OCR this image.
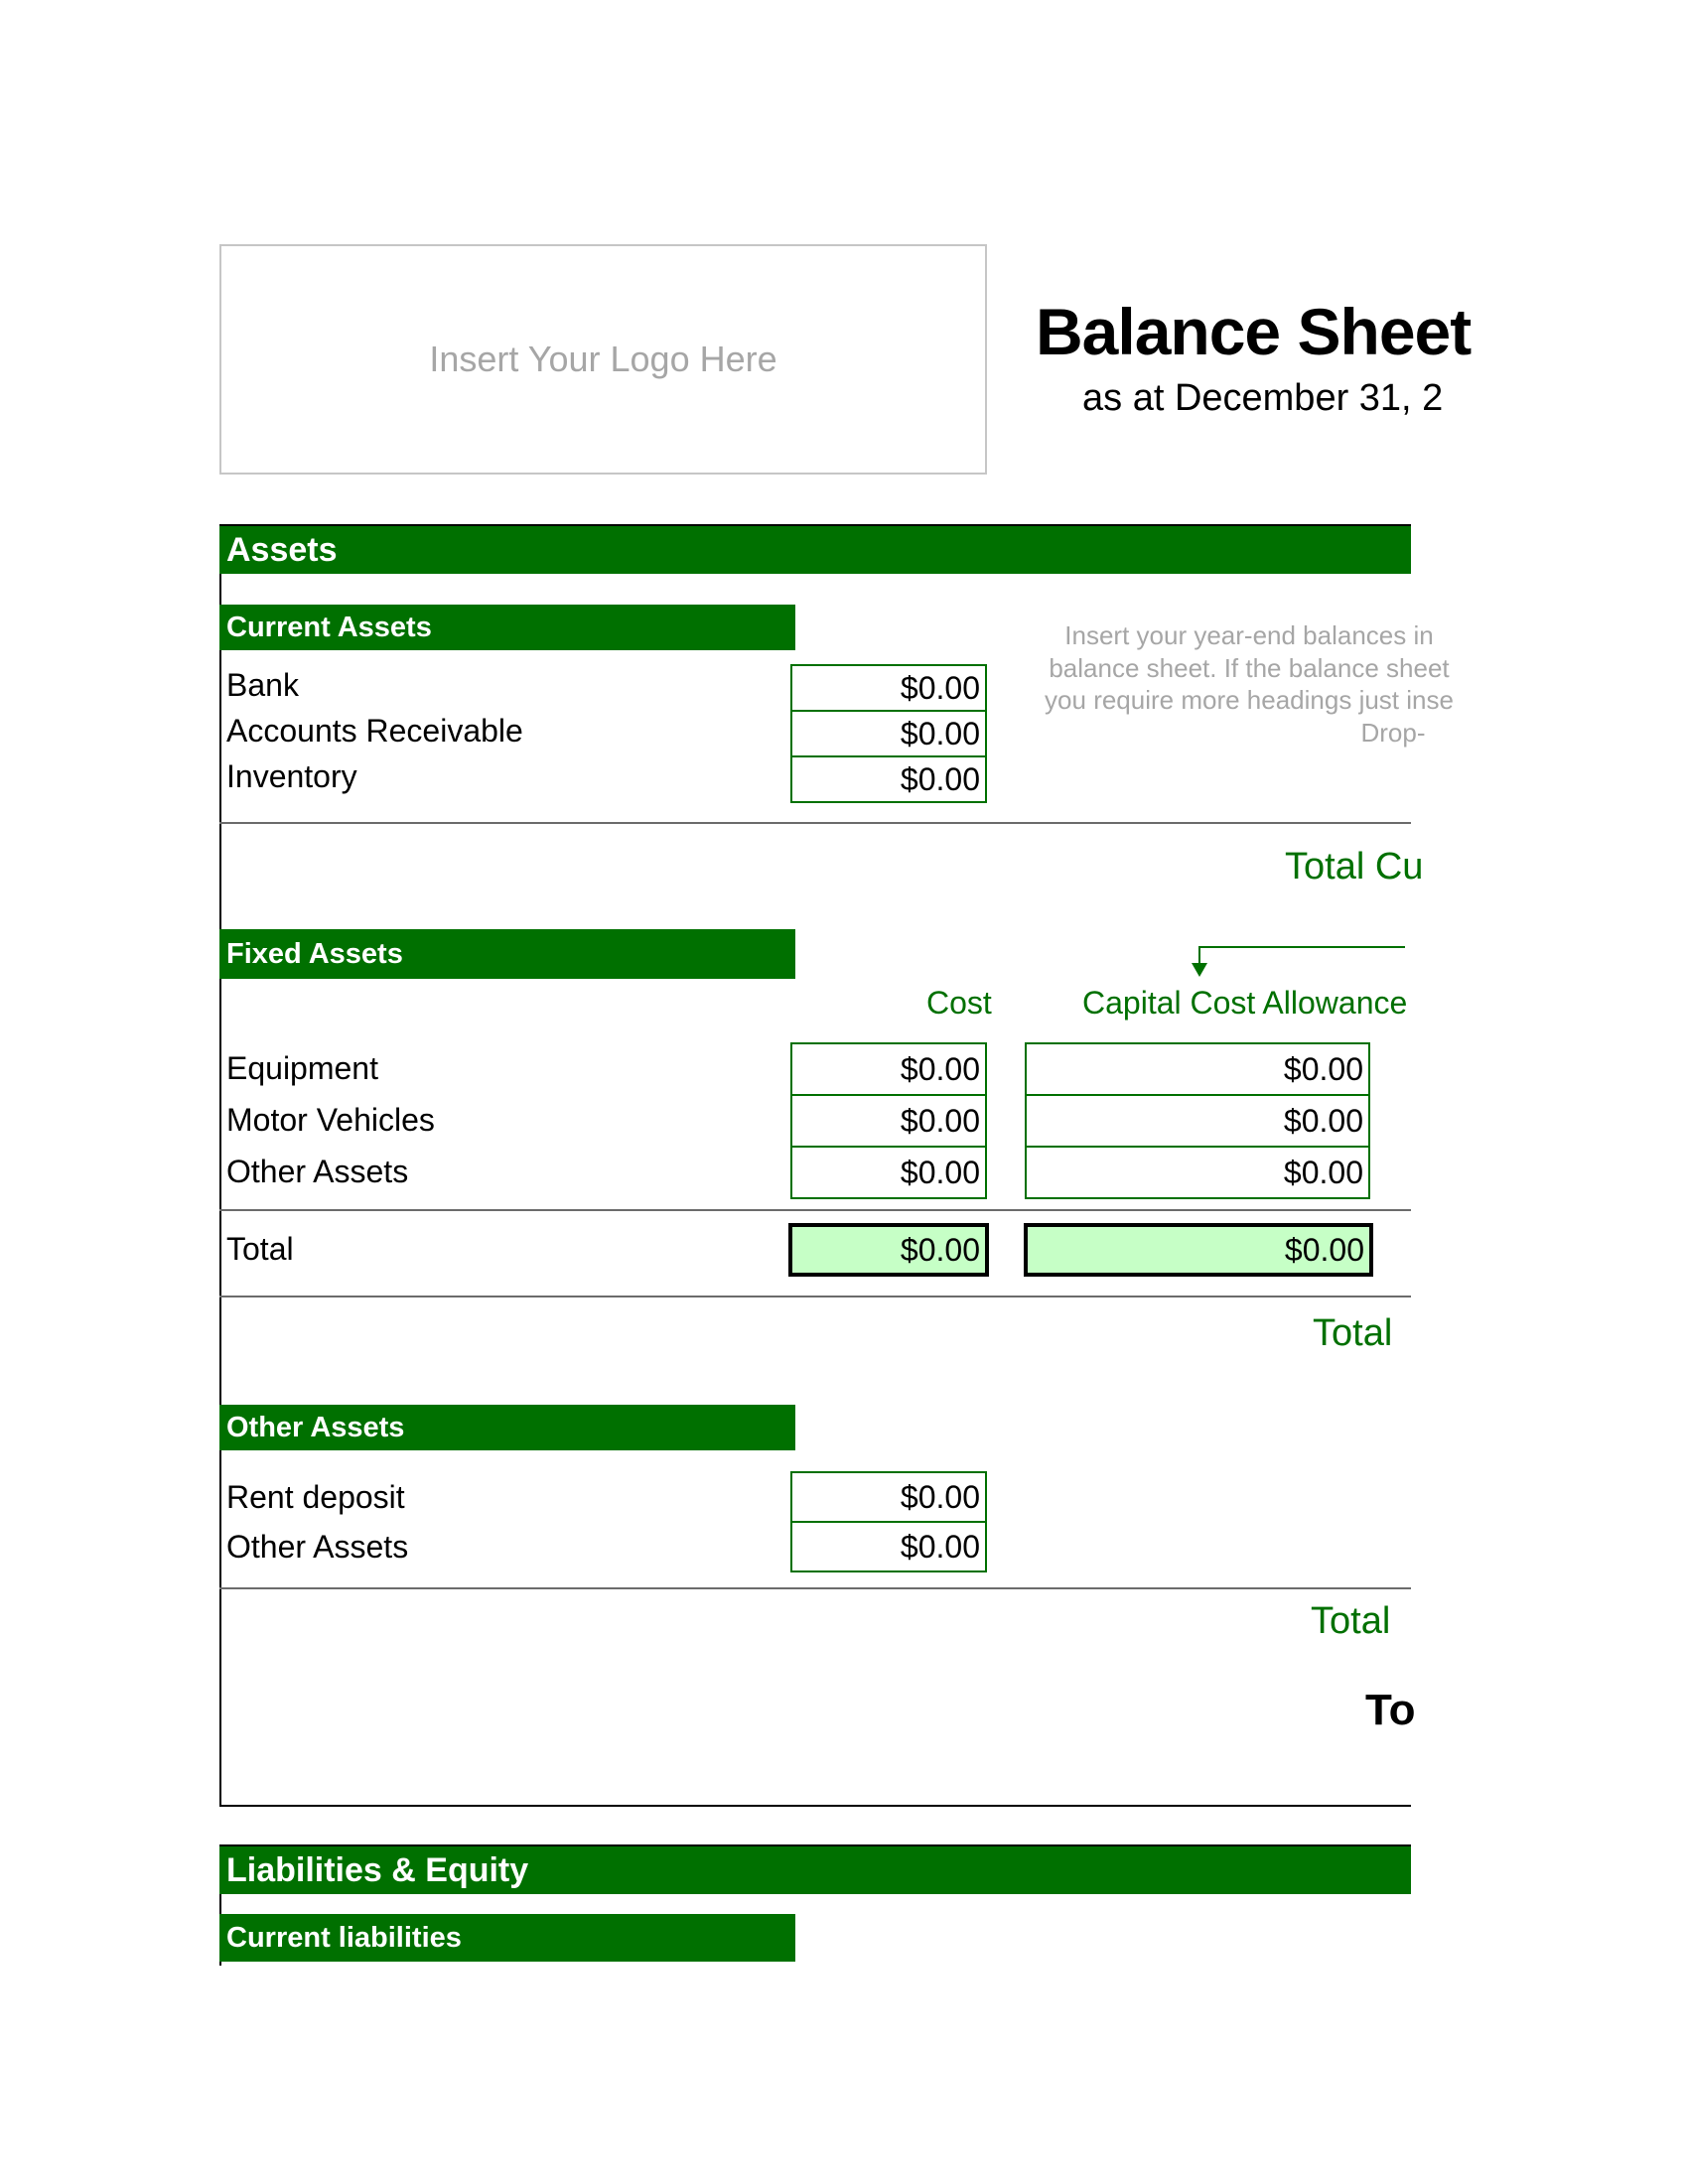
Insert Your Logo Here	Balance Sheet
as at December 31, 2
Assets
Current Assets
Bank	$0.00
Accounts Receivable	$0.00
Inventory	$0.00
Insert your year-end balances in
balance sheet. If the balance sheet
you require more headings just inse
Drop-
Total Cu
Fixed Assets
Cost	Capital Cost Allowance
Equipment	$0.00	$0.00
Motor Vehicles	$0.00	$0.00
Other Assets	$0.00	$0.00
Total	$0.00	$0.00
Total
Other Assets
Rent deposit	$0.00
Other Assets	$0.00
Total
To
Liabilities & Equity
Current liabilities
